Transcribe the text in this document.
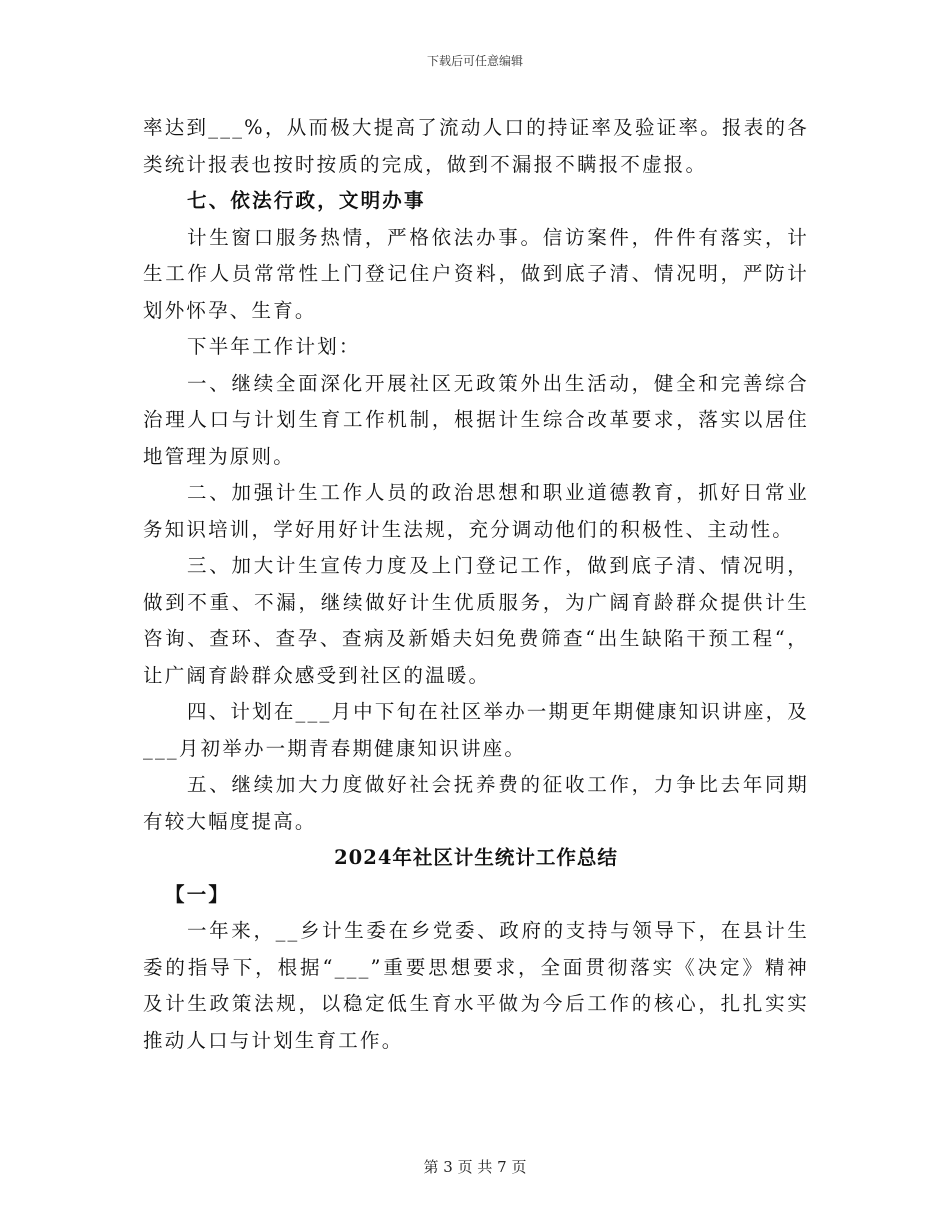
下载后可任意编辑

率达到___%，从而极大提高了流动人口的持证率及验证率。报表的各类统计报表也按时按质的完成，做到不漏报不瞒报不虚报。

七、依法行政，文明办事

计生窗口服务热情，严格依法办事。信访案件，件件有落实，计生工作人员常常性上门登记住户资料，做到底子清、情况明，严防计划外怀孕、生育。

下半年工作计划：

一、继续全面深化开展社区无政策外出生活动，健全和完善综合治理人口与计划生育工作机制，根据计生综合改革要求，落实以居住地管理为原则。

二、加强计生工作人员的政治思想和职业道德教育，抓好日常业务知识培训，学好用好计生法规，充分调动他们的积极性、主动性。

三、加大计生宣传力度及上门登记工作，做到底子清、情况明，做到不重、不漏，继续做好计生优质服务，为广阔育龄群众提供计生咨询、查环、查孕、查病及新婚夫妇免费筛查“出生缺陷干预工程“，让广阔育龄群众感受到社区的温暖。

四、计划在___月中下旬在社区举办一期更年期健康知识讲座，及___月初举办一期青春期健康知识讲座。

五、继续加大力度做好社会抚养费的征收工作，力争比去年同期有较大幅度提高。

2024年社区计生统计工作总结

【一】

一年来，__乡计生委在乡党委、政府的支持与领导下，在县计生委的指导下，根据“___”重要思想要求，全面贯彻落实《决定》精神及计生政策法规，以稳定低生育水平做为今后工作的核心，扎扎实实推动人口与计划生育工作。

第 3 页 共 7 页
